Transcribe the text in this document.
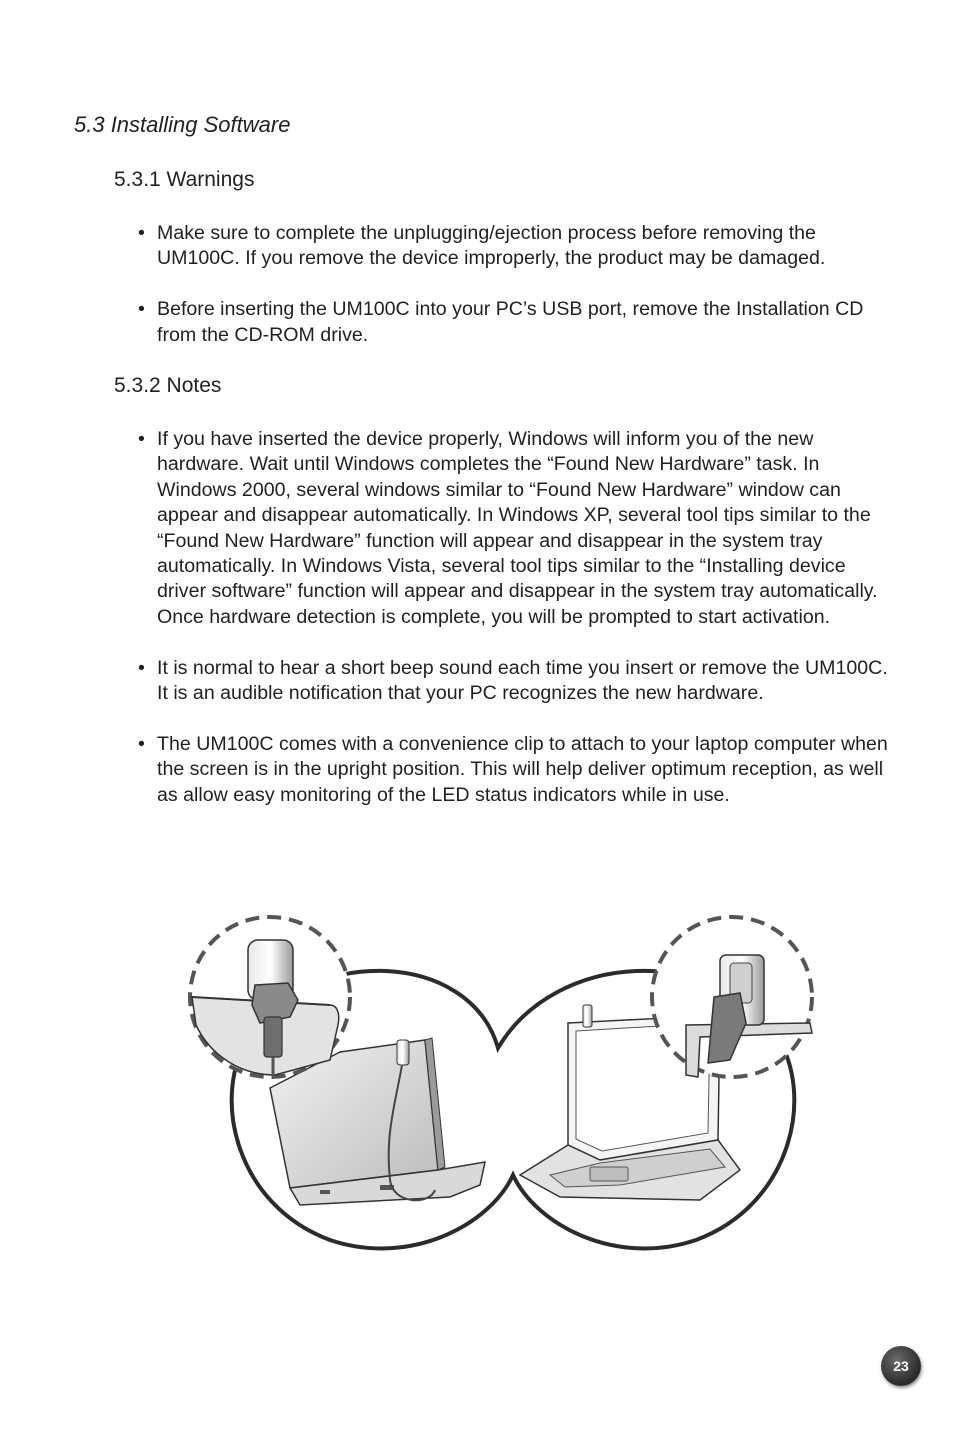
5.3 Installing Software
5.3.1 Warnings
• Make sure to complete the unplugging/ejection process before removing the UM100C. If you remove the device improperly, the product may be damaged.
• Before inserting the UM100C into your PC’s USB port, remove the Installation CD from the CD-ROM drive.
5.3.2 Notes
• If you have inserted the device properly, Windows will inform you of the new hardware. Wait until Windows completes the “Found New Hardware” task. In Windows 2000, several windows similar to “Found New Hardware” window can appear and disappear automatically. In Windows XP, several tool tips similar to the “Found New Hardware” function will appear and disappear in the system tray automatically. In Windows Vista, several tool tips similar to the “Installing device driver software” function will appear and disappear in the system tray automatically. Once hardware detection is complete, you will be prompted to start activation.
• It is normal to hear a short beep sound each time you insert or remove the UM100C. It is an audible notification that your PC recognizes the new hardware.
• The UM100C comes with a convenience clip to attach to your laptop computer when the screen is in the upright position. This will help deliver optimum reception, as well as allow easy monitoring of the LED status indicators while in use.
23
